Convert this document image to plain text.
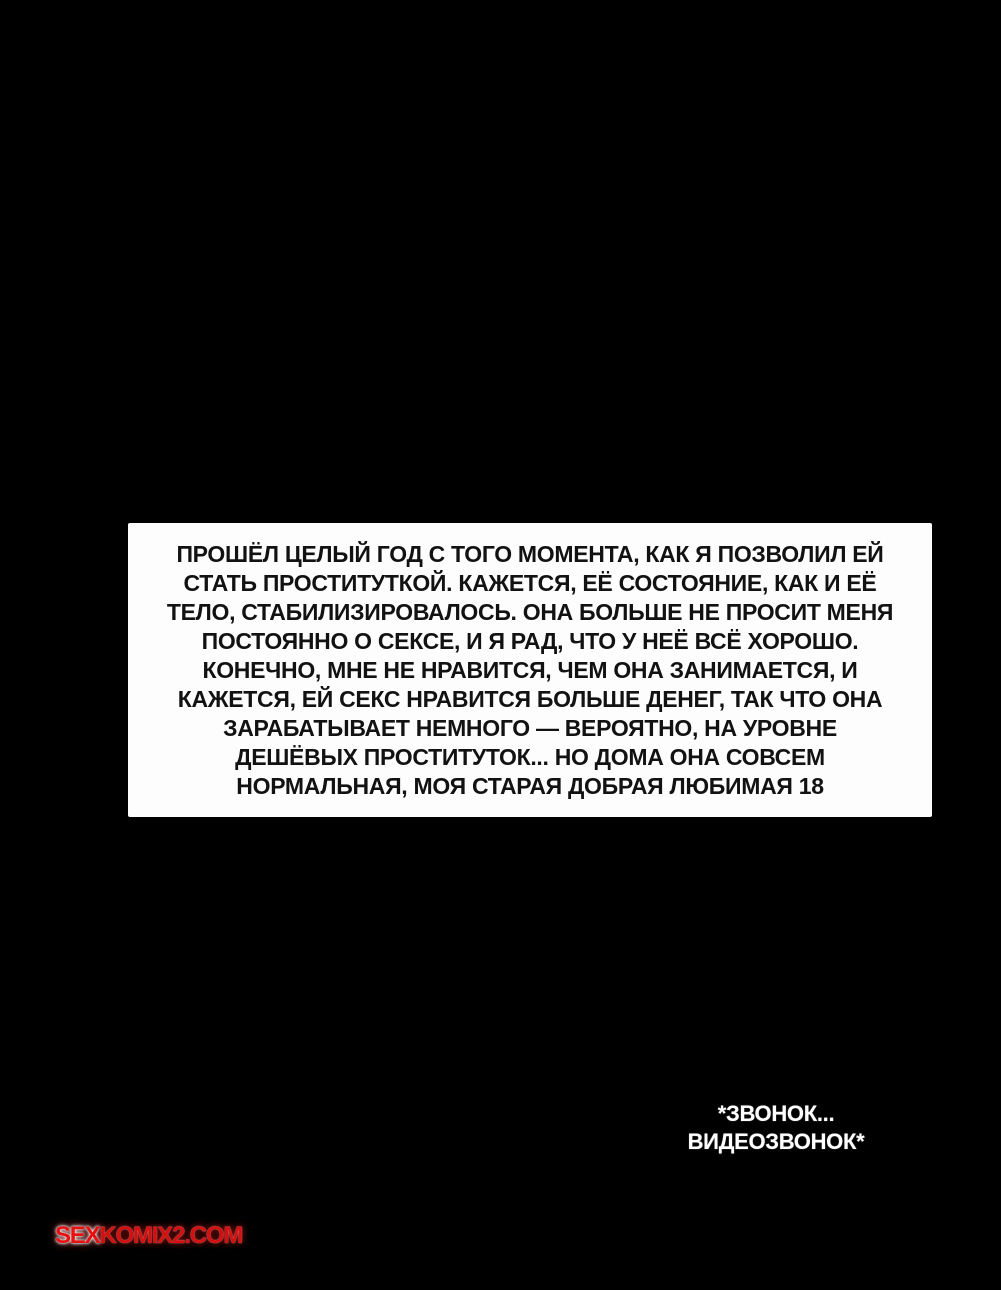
ПРОШЁЛ ЦЕЛЫЙ ГОД С ТОГО МОМЕНТА, КАК Я ПОЗВОЛИЛ ЕЙ
СТАТЬ ПРОСТИТУТКОЙ. КАЖЕТСЯ, ЕЁ СОСТОЯНИЕ, КАК И ЕЁ
ТЕЛО, СТАБИЛИЗИРОВАЛОСЬ. ОНА БОЛЬШЕ НЕ ПРОСИТ МЕНЯ
ПОСТОЯННО О СЕКСЕ, И Я РАД, ЧТО У НЕЁ ВСЁ ХОРОШО.
КОНЕЧНО, МНЕ НЕ НРАВИТСЯ, ЧЕМ ОНА ЗАНИМАЕТСЯ, И
КАЖЕТСЯ, ЕЙ СЕКС НРАВИТСЯ БОЛЬШЕ ДЕНЕГ, ТАК ЧТО ОНА
ЗАРАБАТЫВАЕТ НЕМНОГО — ВЕРОЯТНО, НА УРОВНЕ
ДЕШЁВЫХ ПРОСТИТУТОК... НО ДОМА ОНА СОВСЕМ
НОРМАЛЬНАЯ, МОЯ СТАРАЯ ДОБРАЯ ЛЮБИМАЯ 18
*ЗВОНОК...
ВИДЕОЗВОНОК*
SEXKOMIX2.COM
